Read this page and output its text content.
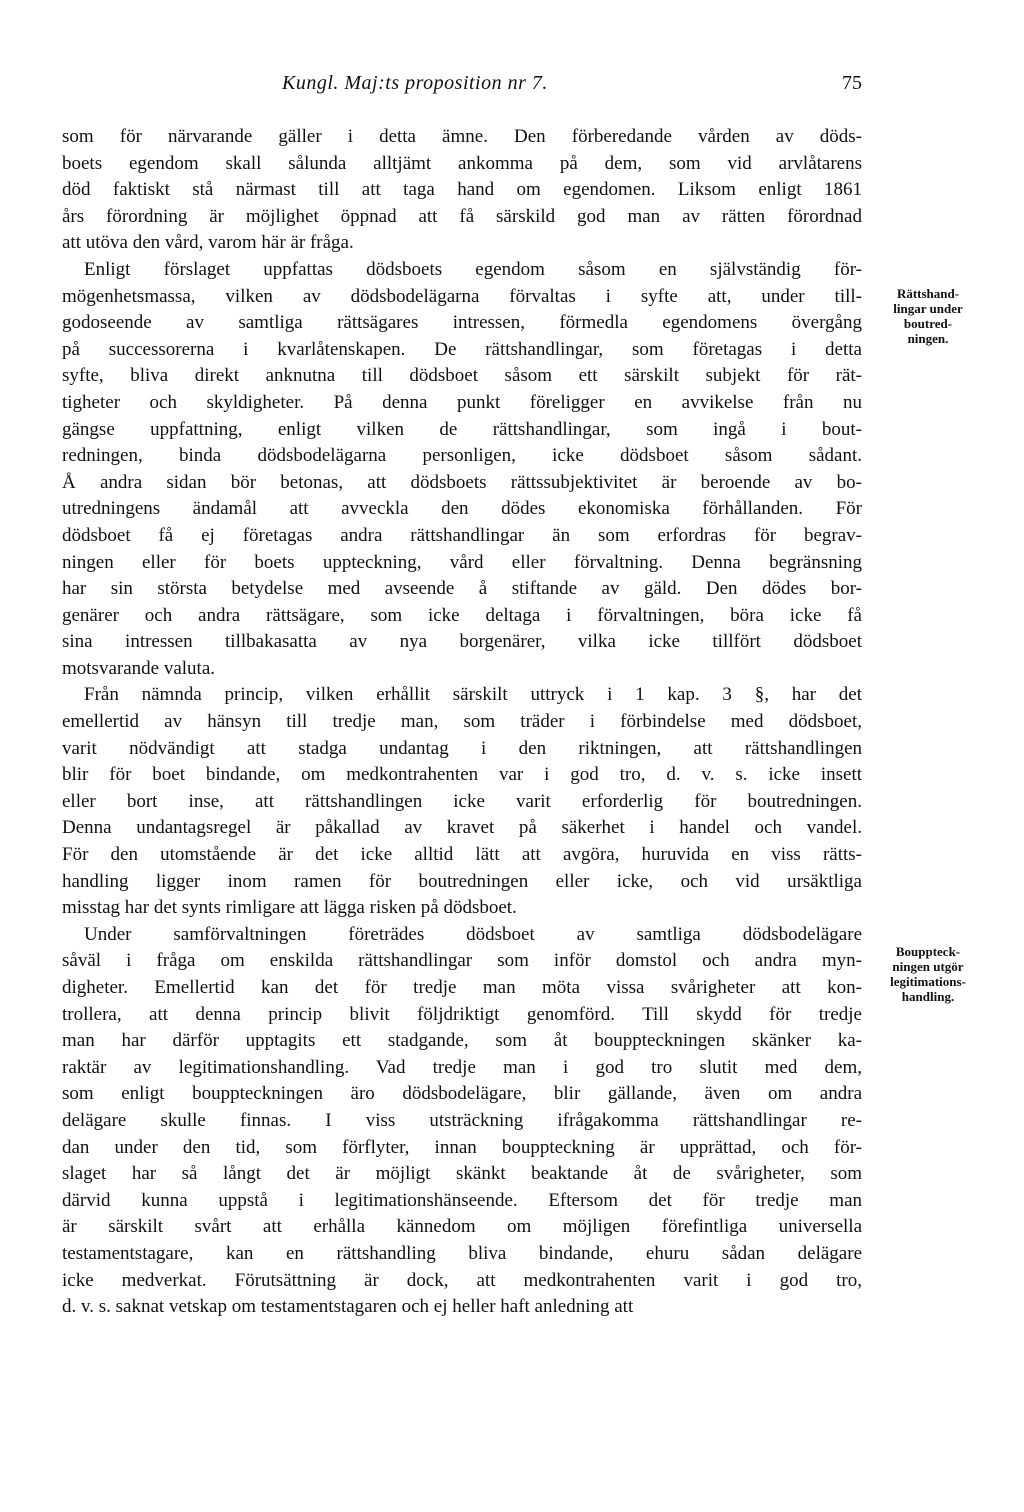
Kungl. Maj:ts proposition nr 7.	75
som för närvarande gäller i detta ämne. Den förberedande vården av döds-
boets egendom skall sålunda alltjämt ankomma på dem, som vid arvlåtarens
död faktiskt stå närmast till att taga hand om egendomen. Liksom enligt 1861
års förordning är möjlighet öppnad att få särskild god man av rätten förordnad
att utöva den vård, varom här är fråga.
Enligt förslaget uppfattas dödsboets egendom såsom en självständig för-
mögenhetsmassa, vilken av dödsbodelägarna förvaltas i syfte att, under till-
godoseende av samtliga rättsägares intressen, förmedla egendomens övergång
på successorerna i kvarlåtenskapen. De rättshandlingar, som företagas i detta
syfte, bliva direkt anknutna till dödsboet såsom ett särskilt subjekt för rät-
tigheter och skyldigheter. På denna punkt föreligger en avvikelse från nu
gängse uppfattning, enligt vilken de rättshandlingar, som ingå i bout-
redningen, binda dödsbodelägarna personligen, icke dödsboet såsom sådant.
Å andra sidan bör betonas, att dödsboets rättssubjektivitet är beroende av bo-
utredningens ändamål att avveckla den dödes ekonomiska förhållanden. För
dödsboet få ej företagas andra rättshandlingar än som erfordras för begrav-
ningen eller för boets uppteckning, vård eller förvaltning. Denna begränsning
har sin största betydelse med avseende å stiftande av gäld. Den dödes bor-
genärer och andra rättsägare, som icke deltaga i förvaltningen, böra icke få
sina intressen tillbakasatta av nya borgenärer, vilka icke tillfört dödsboet
motsvarande valuta.
Från nämnda princip, vilken erhållit särskilt uttryck i 1 kap. 3 §, har det
emellertid av hänsyn till tredje man, som träder i förbindelse med dödsboet,
varit nödvändigt att stadga undantag i den riktningen, att rättshandlingen
blir för boet bindande, om medkontrahenten var i god tro, d. v. s. icke insett
eller bort inse, att rättshandlingen icke varit erforderlig för boutredningen.
Denna undantagsregel är påkallad av kravet på säkerhet i handel och vandel.
För den utomstående är det icke alltid lätt att avgöra, huruvida en viss rätts-
handling ligger inom ramen för boutredningen eller icke, och vid ursäktliga
misstag har det synts rimligare att lägga risken på dödsboet.
Under samförvaltningen företrädes dödsboet av samtliga dödsbodelägare
såväl i fråga om enskilda rättshandlingar som inför domstol och andra myn-
digheter. Emellertid kan det för tredje man möta vissa svårigheter att kon-
trollera, att denna princip blivit följdriktigt genomförd. Till skydd för tredje
man har därför upptagits ett stadgande, som åt bouppteckningen skänker ka-
raktär av legitimationshandling. Vad tredje man i god tro slutit med dem,
som enligt bouppteckningen äro dödsbodelägare, blir gällande, även om andra
delägare skulle finnas. I viss utsträckning ifrågakomma rättshandlingar re-
dan under den tid, som förflyter, innan bouppteckning är upprättad, och för-
slaget har så långt det är möjligt skänkt beaktande åt de svårigheter, som
därvid kunna uppstå i legitimationshänseende. Eftersom det för tredje man
är särskilt svårt att erhålla kännedom om möjligen förefintliga universella
testamentstagare, kan en rättshandling bliva bindande, ehuru sådan delägare
icke medverkat. Förutsättning är dock, att medkontrahenten varit i god tro,
d. v. s. saknat vetskap om testamentstagaren och ej heller haft anledning att
Rättshand-
lingar under
boutred-
ningen.
Bouppteck-
ningen utgör
legitimations-
handling.
